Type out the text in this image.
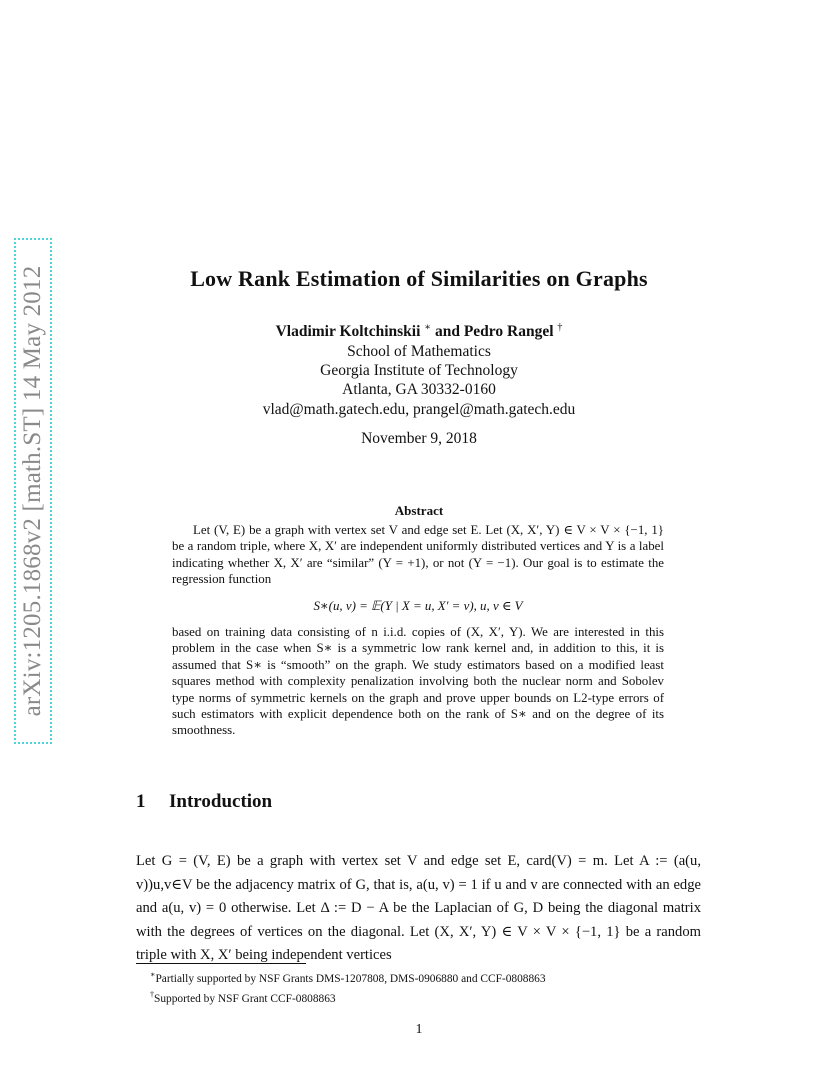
arXiv:1205.1868v2 [math.ST] 14 May 2012	Low Rank Estimation of Similarities on Graphs
Vladimir Koltchinskii ∗ and Pedro Rangel †
School of Mathematics
Georgia Institute of Technology
Atlanta, GA 30332-0160
vlad@math.gatech.edu, prangel@math.gatech.edu
November 9, 2018
Abstract

Let (V, E) be a graph with vertex set V and edge set E. Let (X, X′, Y) ∈ V × V × {−1, 1} be a random triple, where X, X′ are independent uniformly distributed vertices and Y is a label indicating whether X, X′ are “similar” (Y = +1), or not (Y = −1). Our goal is to estimate the regression function

S∗(u, v) = 𝔼(Y | X = u, X′ = v), u, v ∈ V

based on training data consisting of n i.i.d. copies of (X, X′, Y). We are interested in this problem in the case when S∗ is a symmetric low rank kernel and, in addition to this, it is assumed that S∗ is “smooth” on the graph. We study estimators based on a modified least squares method with complexity penalization involving both the nuclear norm and Sobolev type norms of symmetric kernels on the graph and prove upper bounds on L2-type errors of such estimators with explicit dependence both on the rank of S∗ and on the degree of its smoothness.

1 Introduction

Let G = (V, E) be a graph with vertex set V and edge set E, card(V) = m. Let A := (a(u, v))u,v∈V be the adjacency matrix of G, that is, a(u, v) = 1 if u and v are connected with an edge and a(u, v) = 0 otherwise. Let Δ := D − A be the Laplacian of G, D being the diagonal matrix with the degrees of vertices on the diagonal. Let (X, X′, Y) ∈ V × V × {−1, 1} be a random triple with X, X′ being independent vertices

∗Partially supported by NSF Grants DMS-1207808, DMS-0906880 and CCF-0808863
†Supported by NSF Grant CCF-0808863
1
